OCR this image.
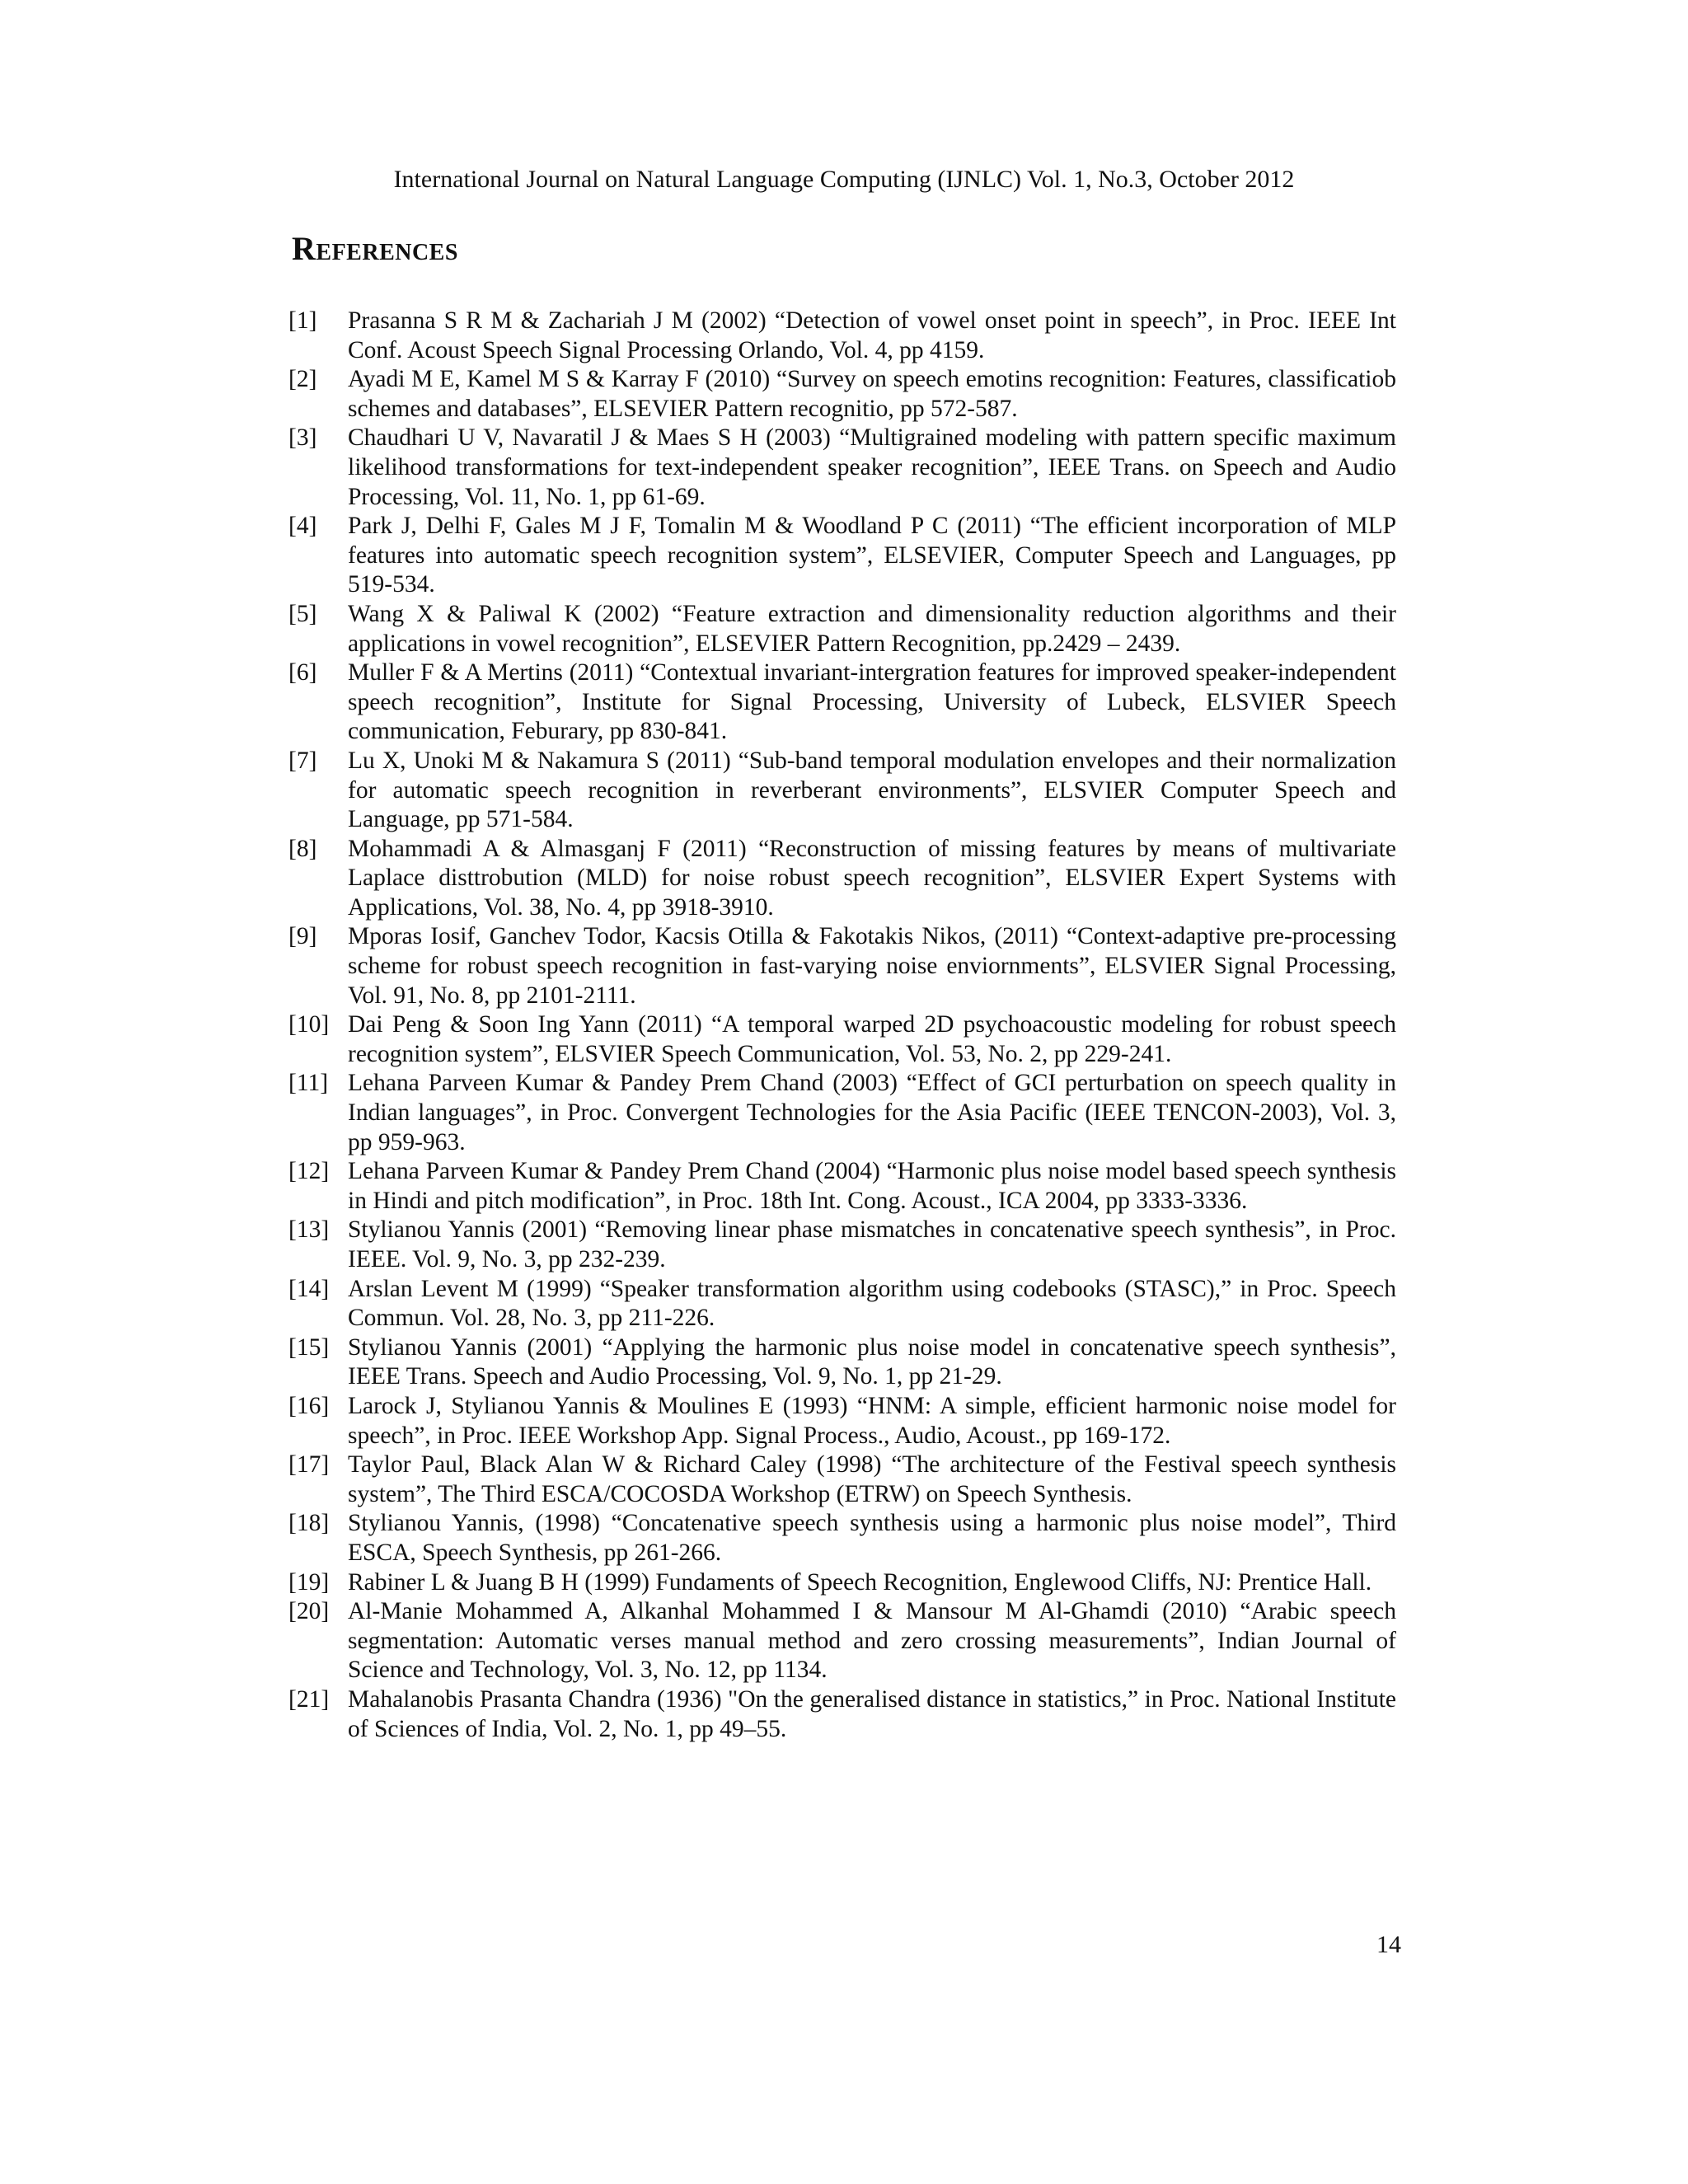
International Journal on Natural Language Computing (IJNLC) Vol. 1, No.3, October 2012
References
[1] Prasanna S R M & Zachariah J M (2002) “Detection of vowel onset point in speech”, in Proc. IEEE Int Conf. Acoust Speech Signal Processing Orlando, Vol. 4, pp 4159.
[2] Ayadi M E, Kamel M S & Karray F (2010) “Survey on speech emotins recognition: Features, classificatiob schemes and databases”, ELSEVIER Pattern recognitio, pp 572-587.
[3] Chaudhari U V, Navaratil J & Maes S H (2003) “Multigrained modeling with pattern specific maximum likelihood transformations for text-independent speaker recognition”, IEEE Trans. on Speech and Audio Processing, Vol. 11, No. 1, pp 61-69.
[4] Park J, Delhi F, Gales M J F, Tomalin M & Woodland P C (2011) “The efficient incorporation of MLP features into automatic speech recognition system”, ELSEVIER, Computer Speech and Languages, pp 519-534.
[5] Wang X & Paliwal K (2002) “Feature extraction and dimensionality reduction algorithms and their applications in vowel recognition”, ELSEVIER Pattern Recognition, pp.2429 – 2439.
[6] Muller F & A Mertins (2011) “Contextual invariant-intergration features for improved speaker-independent speech recognition”, Institute for Signal Processing, University of Lubeck, ELSVIER Speech communication, Feburary, pp 830-841.
[7] Lu X, Unoki M & Nakamura S (2011) “Sub-band temporal modulation envelopes and their normalization for automatic speech recognition in reverberant environments”, ELSVIER Computer Speech and Language, pp 571-584.
[8] Mohammadi A & Almasganj F (2011) “Reconstruction of missing features by means of multivariate Laplace disttrobution (MLD) for noise robust speech recognition”, ELSVIER Expert Systems with Applications, Vol. 38, No. 4, pp 3918-3910.
[9] Mporas Iosif, Ganchev Todor, Kacsis Otilla & Fakotakis Nikos, (2011) “Context-adaptive pre-processing scheme for robust speech recognition in fast-varying noise enviornments”, ELSVIER Signal Processing, Vol. 91, No. 8, pp 2101-2111.
[10] Dai Peng & Soon Ing Yann (2011) “A temporal warped 2D psychoacoustic modeling for robust speech recognition system”, ELSVIER Speech Communication, Vol. 53, No. 2, pp 229-241.
[11] Lehana Parveen Kumar & Pandey Prem Chand (2003) “Effect of GCI perturbation on speech quality in Indian languages”, in Proc. Convergent Technologies for the Asia Pacific (IEEE TENCON-2003), Vol. 3, pp 959-963.
[12] Lehana Parveen Kumar & Pandey Prem Chand (2004) “Harmonic plus noise model based speech synthesis in Hindi and pitch modification”, in Proc. 18th Int. Cong. Acoust., ICA 2004, pp 3333-3336.
[13] Stylianou Yannis (2001) “Removing linear phase mismatches in concatenative speech synthesis”, in Proc. IEEE. Vol. 9, No. 3, pp 232-239.
[14] Arslan Levent M (1999) “Speaker transformation algorithm using codebooks (STASC),” in Proc. Speech Commun. Vol. 28, No. 3, pp 211-226.
[15] Stylianou Yannis (2001) “Applying the harmonic plus noise model in concatenative speech synthesis”, IEEE Trans. Speech and Audio Processing, Vol. 9, No. 1, pp 21-29.
[16] Larock J, Stylianou Yannis & Moulines E (1993) “HNM: A simple, efficient harmonic noise model for speech”, in Proc. IEEE Workshop App. Signal Process., Audio, Acoust., pp 169-172.
[17] Taylor Paul, Black Alan W & Richard Caley (1998) “The architecture of the Festival speech synthesis system”, The Third ESCA/COCOSDA Workshop (ETRW) on Speech Synthesis.
[18] Stylianou Yannis, (1998) “Concatenative speech synthesis using a harmonic plus noise model”, Third ESCA, Speech Synthesis, pp 261-266.
[19] Rabiner L & Juang B H (1999) Fundaments of Speech Recognition, Englewood Cliffs, NJ: Prentice Hall.
[20] Al-Manie Mohammed A, Alkanhal Mohammed I & Mansour M Al-Ghamdi (2010) “Arabic speech segmentation: Automatic verses manual method and zero crossing measurements”, Indian Journal of Science and Technology, Vol. 3, No. 12, pp 1134.
[21] Mahalanobis Prasanta Chandra (1936) "On the generalised distance in statistics,” in Proc. National Institute of Sciences of India, Vol. 2, No. 1, pp 49–55.
14
